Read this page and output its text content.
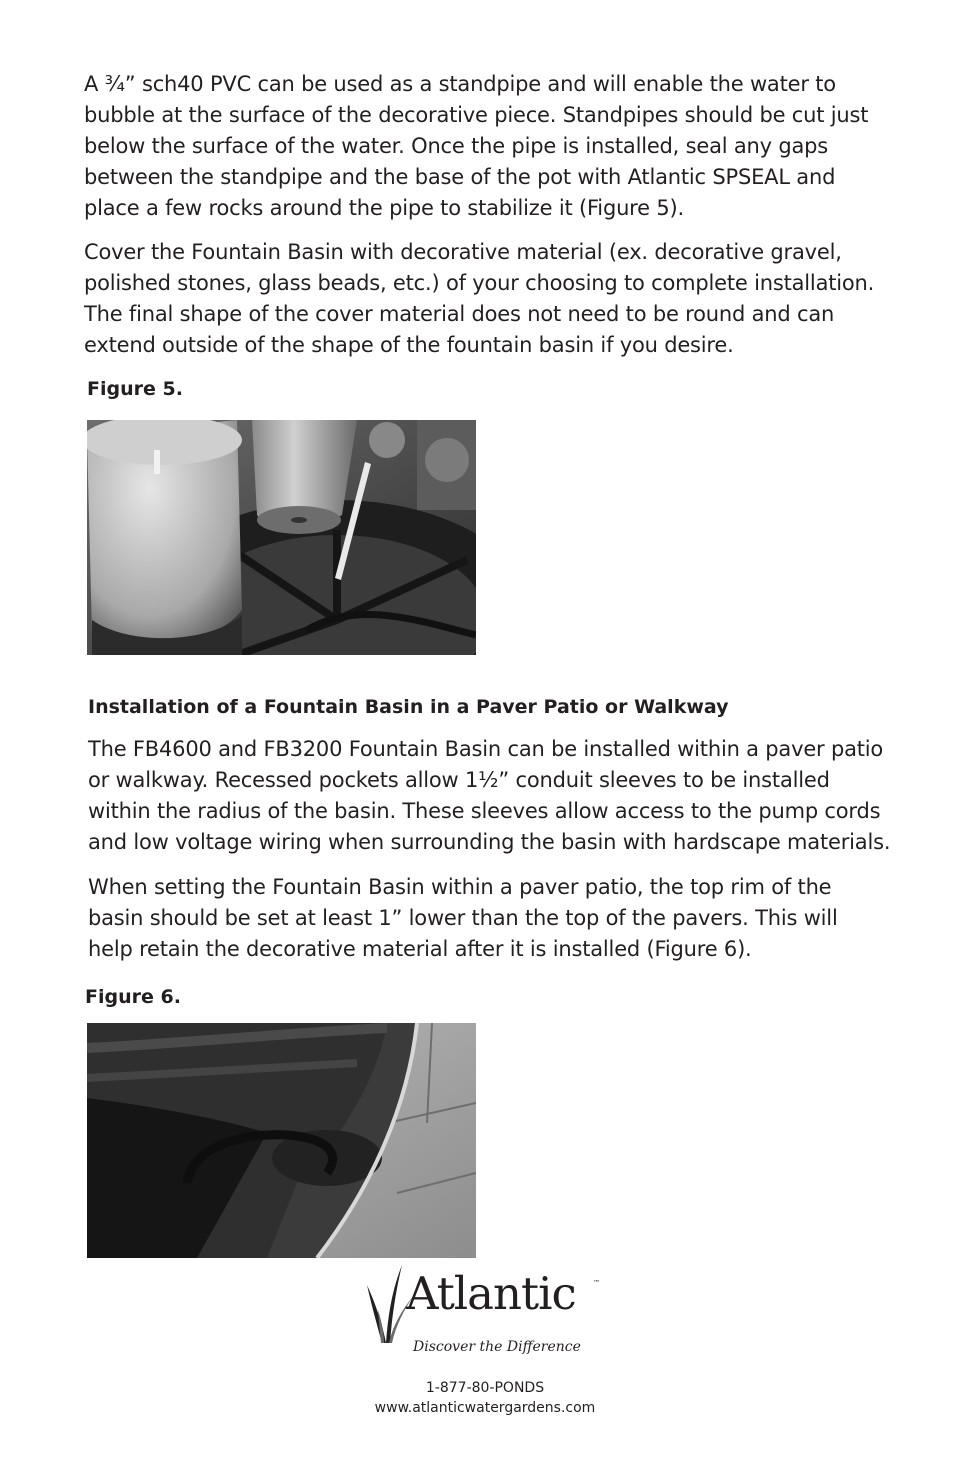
A ¾” sch40 PVC can be used as a standpipe and will enable the water to bubble at the surface of the decorative piece. Standpipes should be cut just below the surface of the water. Once the pipe is installed, seal any gaps between the standpipe and the base of the pot with Atlantic SPSEAL and place a few rocks around the pipe to stabilize it (Figure 5).

Cover the Fountain Basin with decorative material (ex. decorative gravel, polished stones, glass beads, etc.) of your choosing to complete installation. The final shape of the cover material does not need to be round and can extend outside of the shape of the fountain basin if you desire.

Figure 5.
Installation of a Fountain Basin in a Paver Patio or Walkway

The FB4600 and FB3200 Fountain Basin can be installed within a paver patio or walkway. Recessed pockets allow 1½” conduit sleeves to be installed within the radius of the basin. These sleeves allow access to the pump cords and low voltage wiring when surrounding the basin with hardscape materials.

When setting the Fountain Basin within a paver patio, the top rim of the basin should be set at least 1” lower than the top of the pavers. This will help retain the decorative material after it is installed (Figure 6).

Figure 6.
Atlantic ™
Discover the Difference
1-877-80-PONDS
www.atlanticwatergardens.com
